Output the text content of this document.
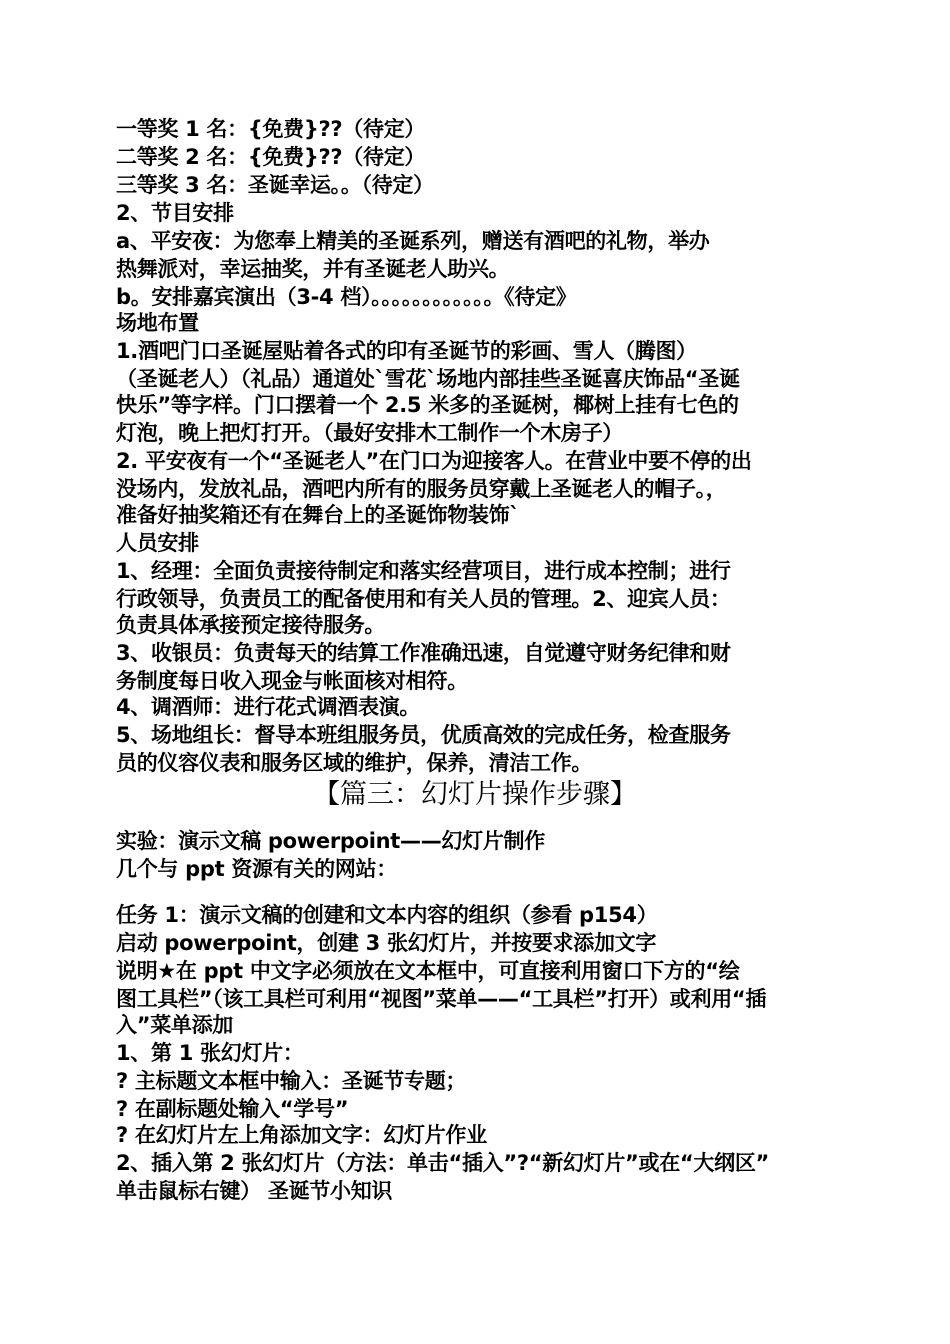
一等奖 1 名：{免费}??（待定）
二等奖 2 名：{免费}??（待定）
三等奖 3 名：圣诞幸运。。（待定）
2、节目安排
a、平安夜：为您奉上精美的圣诞系列，赠送有酒吧的礼物，举办
热舞派对，幸运抽奖，并有圣诞老人助兴。
b。安排嘉宾演出（3-4 档）。。。。。。。。。。。。《待定》
场地布置
1.酒吧门口圣诞屋贴着各式的印有圣诞节的彩画、雪人（腾图）
（圣诞老人）（礼品）通道处`雪花`场地内部挂些圣诞喜庆饰品“圣诞
快乐”等字样。门口摆着一个 2.5 米多的圣诞树，椰树上挂有七色的
灯泡，晚上把灯打开。（最好安排木工制作一个木房子）
2. 平安夜有一个“圣诞老人”在门口为迎接客人。在营业中要不停的出
没场内，发放礼品，酒吧内所有的服务员穿戴上圣诞老人的帽子。，
准备好抽奖箱还有在舞台上的圣诞饰物装饰`
人员安排
1、经理：全面负责接待制定和落实经营项目，进行成本控制；进行
行政领导，负责员工的配备使用和有关人员的管理。2、迎宾人员：
负责具体承接预定接待服务。
3、收银员：负责每天的结算工作准确迅速，自觉遵守财务纪律和财
务制度每日收入现金与帐面核对相符。
4、调酒师：进行花式调酒表演。
5、场地组长：督导本班组服务员，优质高效的完成任务，检查服务
员的仪容仪表和服务区域的维护，保养，清洁工作。
【篇三：幻灯片操作步骤】
实验：演示文稿 powerpoint——幻灯片制作
几个与 ppt 资源有关的网站：
任务 1：演示文稿的创建和文本内容的组织（参看 p154）
启动 powerpoint，创建 3 张幻灯片，并按要求添加文字
说明★在 ppt 中文字必须放在文本框中，可直接利用窗口下方的“绘
图工具栏”（该工具栏可利用“视图”菜单——“工具栏”打开）或利用“插
入”菜单添加
1、第 1 张幻灯片：
? 主标题文本框中输入：圣诞节专题；
? 在副标题处输入“学号”
? 在幻灯片左上角添加文字：幻灯片作业
2、插入第 2 张幻灯片（方法：单击“插入”?“新幻灯片”或在“大纲区”
单击鼠标右键） 圣诞节小知识
